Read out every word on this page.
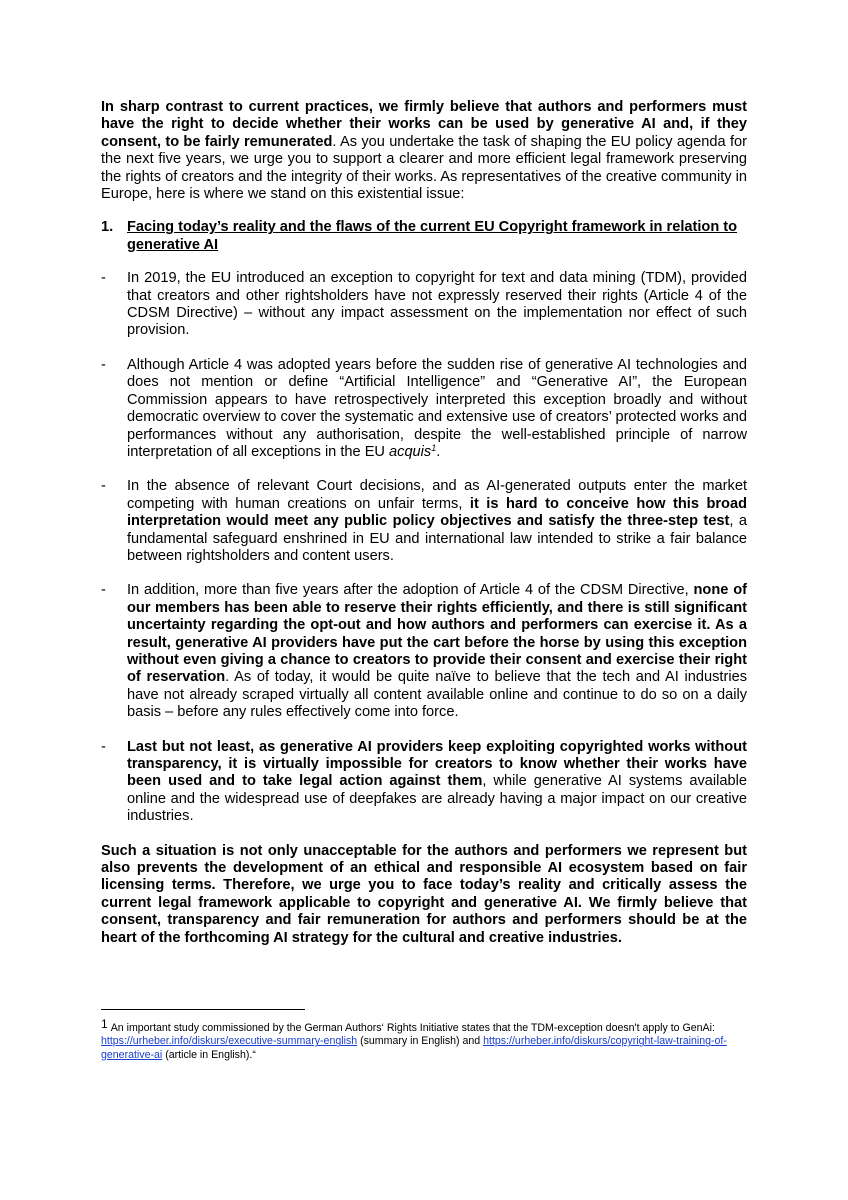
In sharp contrast to current practices, we firmly believe that authors and performers must have the right to decide whether their works can be used by generative AI and, if they consent, to be fairly remunerated. As you undertake the task of shaping the EU policy agenda for the next five years, we urge you to support a clearer and more efficient legal framework preserving the rights of creators and the integrity of their works. As representatives of the creative community in Europe, here is where we stand on this existential issue:

1. Facing today’s reality and the flaws of the current EU Copyright framework in relation to generative AI
-	In 2019, the EU introduced an exception to copyright for text and data mining (TDM), provided that creators and other rightsholders have not expressly reserved their rights (Article 4 of the CDSM Directive) – without any impact assessment on the implementation nor effect of such provision.
-	Although Article 4 was adopted years before the sudden rise of generative AI technologies and does not mention or define “Artificial Intelligence” and “Generative AI”, the European Commission appears to have retrospectively interpreted this exception broadly and without democratic overview to cover the systematic and extensive use of creators’ protected works and performances without any authorisation, despite the well-established principle of narrow interpretation of all exceptions in the EU acquis$^1$.
-	In the absence of relevant Court decisions, and as AI-generated outputs enter the market competing with human creations on unfair terms, it is hard to conceive how this broad interpretation would meet any public policy objectives and satisfy the three-step test, a fundamental safeguard enshrined in EU and international law intended to strike a fair balance between rightsholders and content users.
-	In addition, more than five years after the adoption of Article 4 of the CDSM Directive, none of our members has been able to reserve their rights efficiently, and there is still significant uncertainty regarding the opt-out and how authors and performers can exercise it. As a result, generative AI providers have put the cart before the horse by using this exception without even giving a chance to creators to provide their consent and exercise their right of reservation. As of today, it would be quite naïve to believe that the tech and AI industries have not already scraped virtually all content available online and continue to do so on a daily basis – before any rules effectively come into force.
-	Last but not least, as generative AI providers keep exploiting copyrighted works without transparency, it is virtually impossible for creators to know whether their works have been used and to take legal action against them, while generative AI systems available online and the widespread use of deepfakes are already having a major impact on our creative industries.

Such a situation is not only unacceptable for the authors and performers we represent but also prevents the development of an ethical and responsible AI ecosystem based on fair licensing terms. Therefore, we urge you to face today’s reality and critically assess the current legal framework applicable to copyright and generative AI. We firmly believe that consent, transparency and fair remuneration for authors and performers should be at the heart of the forthcoming AI strategy for the cultural and creative industries.

$^1$ An important study commissioned by the German Authors‘ Rights Initiative states that the TDM-exception doesn't apply to GenAi: https://urheber.info/diskurs/executive-summary-english (summary in English) and https://urheber.info/diskurs/copyright-law-training-of-generative-ai (article in English).“
